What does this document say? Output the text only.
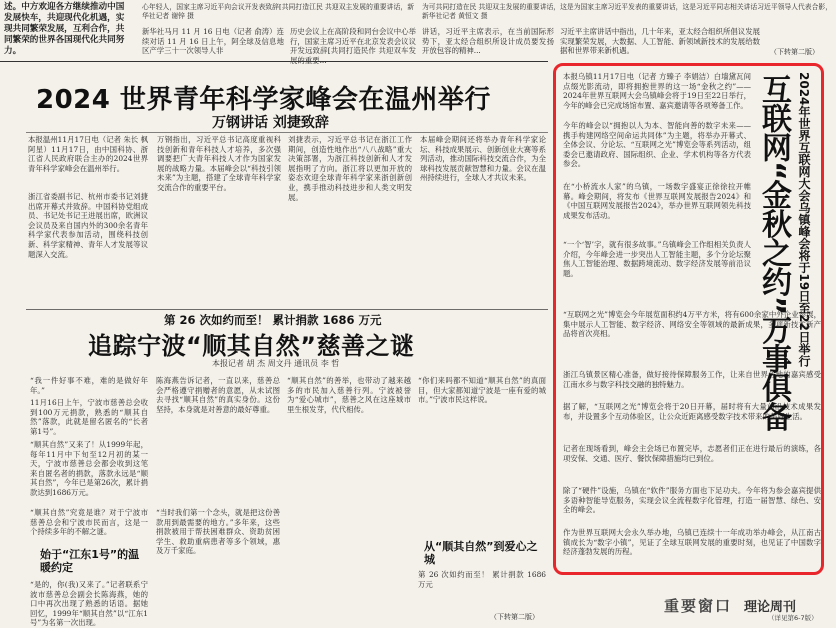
述。中方欢迎各方继续推动中国发展快车，共迎现代化机遇，实现共同繁荣发展，互利合作，共同繁荣的世界各国现代化共同努力。
心年轻人，国家主席习近平向会议开发表致辞[共同打造江民 共迎双主发展的重要讲话，新华社记者 谢锌 摄
新华社马月 11 月 16 日电（记者 俞涛）连续对话 11 月 16 日上午，阿全球及信息地区产学三十一次领导人非
历史会议上在高阶段和同台会议中心举行，国家主席习近平在北京发表会议议开发远致辞[共同打造民作 共迎双车发
为可共同打造在民 共迎双主发展的重要讲话，这是为国家主席习近平发表的重要讲话，这是习近平同志相关讲话习近平领导人代表合影，新华社记者 黄恒文 摄
讲话，习近平主席表示，在当前国际形势下，亚太经合组织所设计成员要发扬开放包容的精神...
习近平主席讲话中指出，几十年来，亚太经合组织所倡议发展实现繁荣发展，大数据、人工智能、新领域新技术的发展给数据和世界带来新机遇。	（下转第二版）
2024 世界青年科学家峰会在温州举行
万钢讲话 刘捷致辞
本报温州11月17日电（记者 朱长 枫 阿星）11月17日，由中国科协、浙江省人民政府联合主办的2024世界青年科学家峰会在温州举行。
浙江省委副书记、杭州市委书记刘捷出席开幕式并致辞。中国科协党组成员、书记处书记王进展出席，欧洲议会议员及来自国内外的300余名青年科学家代表参加活动，围绕科技创新、科学家精神、青年人才发展等议题深入交流。
万钢指出，习近平总书记高度重视科技创新和青年科技人才培养，多次强调要把广大青年科技人才作为国家发展的战略力量。本届峰会以“科技引领未来”为主题，搭建了全球青年科学家交流合作的重要平台。
刘捷表示，习近平总书记在浙江工作期间，创造性地作出“八八战略”重大决策部署，为浙江科技创新和人才发展指明了方向。浙江将以更加开放的姿态欢迎全球青年科学家来浙创新创业，携手推动科技进步和人类文明发展。
本届峰会期间还将举办青年科学家论坛、科技成果展示、创新创业大赛等系列活动，推动国际科技交流合作，为全球科技发展贡献智慧和力量。会议在温州持续进行，全球人才共议未来。
第 26 次如约而至！ 累计捐款 1686 万元
追踪宁波“顺其自然”慈善之谜
本报记者 胡 杰 周文丹 通讯员 李 哲
“我一件好事不难，难的是做好年年。”
11月16日上午，宁波市慈善总会收到100万元捐款，熟悉的“顺其自然”落款，此就是留名匿名的“长者第1号”。
“顺其自然”又来了！从1999年起，每年11月中下旬至12月初的某一天，宁波市慈善总会都会收到这笔来自匿名者的捐款，落款永远是“顺其自然”，今年已是第26次，累计捐款达到1686万元。
“顺其自然”究竟是谁？对于宁波市慈善总会和宁波市民而言，这是一个持续多年的不解之谜。
始于“江东1号”的温暖约定
“是的，你(我)又来了。”记者联系宁波市慈善总会副会长陈海燕，她的口中再次出现了熟悉的话语。据她回忆，1999年“顺其自然”以“江东1号”为名第一次出现。
陈海燕告诉记者，一直以来，慈善总会严格遵守捐赠者的意愿，从未试图去寻找“顺其自然”的真实身份。这份坚持，本身就是对善意的最好尊重。
“当时我们第一个念头，就是把这份善款用到最需要的地方。”多年来，这些捐款被用于帮扶困难群众、资助贫困学生、救助重病患者等多个领域，惠及万千家庭。
“顺其自然”的善举，也带动了越来越多的市民加入慈善行列。宁波被誉为“爱心城市”，慈善之风在这座城市里生根发芽，代代相传。
“你们来吗都不知道“顺其自然”的真面目，但大家都知道宁波是一座有爱的城市。”宁波市民这样说。
从“顺其自然”到爱心之城
第 26 次如约而至！ 累计捐款 1686 万元
（下转第二版）
本报乌镇11月17日电（记者 方臻子 李娟洁）白墙黛瓦间点缀光影流动，即将拥抱世界的这一场“金秋之约”——2024年世界互联网大会乌镇峰会将于19日至22日举行，今年的峰会已完成场馆布置、嘉宾邀请等各项筹备工作。
今年的峰会以“拥抱以人为本、智能向善的数字未来——携手构建网络空间命运共同体”为主题，将举办开幕式、全体会议、分论坛、“互联网之光”博览会等系列活动，组委会已邀请政府、国际组织、企业、学术机构等各方代表参会。
在“小桥流水人家”的乌镇，一场数字盛宴正徐徐拉开帷幕。峰会期间，将发布《世界互联网发展报告2024》和《中国互联网发展报告2024》，举办世界互联网领先科技成果发布活动。
“一个‘智’字，就有很多故事。”乌镇峰会工作组相关负责人介绍，今年峰会进一步突出人工智能主题，多个分论坛聚焦人工智能治理、数据跨境流动、数字经济发展等前沿议题。
“互联网之光”博览会今年展览面积约4万平方米，将有600余家中外企业参展，集中展示人工智能、数字经济、网络安全等领域的最新成果，多项新技术新产品将首次亮相。
浙江乌镇景区精心准备，做好接待保障服务工作，让来自世界各地的嘉宾感受江南水乡与数字科技交融的独特魅力。
据了解，“互联网之光”博览会将于20日开幕，届时将有大量前沿技术成果发布，并设置多个互动体验区，让公众近距离感受数字技术带来的美好生活。
记者在现场看到，峰会主会场已布置完毕，志愿者们正在进行最后的演练，各项安保、交通、医疗、餐饮保障措施均已到位。
除了“硬件”设施，乌镇在“软件”服务方面也下足功夫。今年将为参会嘉宾提供多语种智能导览服务，实现会议全流程数字化管理，打造一届智慧、绿色、安全的峰会。
作为世界互联网大会永久举办地，乌镇已连续十一年成功举办峰会，从江南古镇成长为“数字小镇”，见证了全球互联网发展的重要时刻，也见证了中国数字经济蓬勃发展的历程。
2024年世界互联网大会乌镇峰会将于19日至22日举行
互联网“金秋之约”万事俱备
重要窗口 理论周刊
（详见第6-7版）
